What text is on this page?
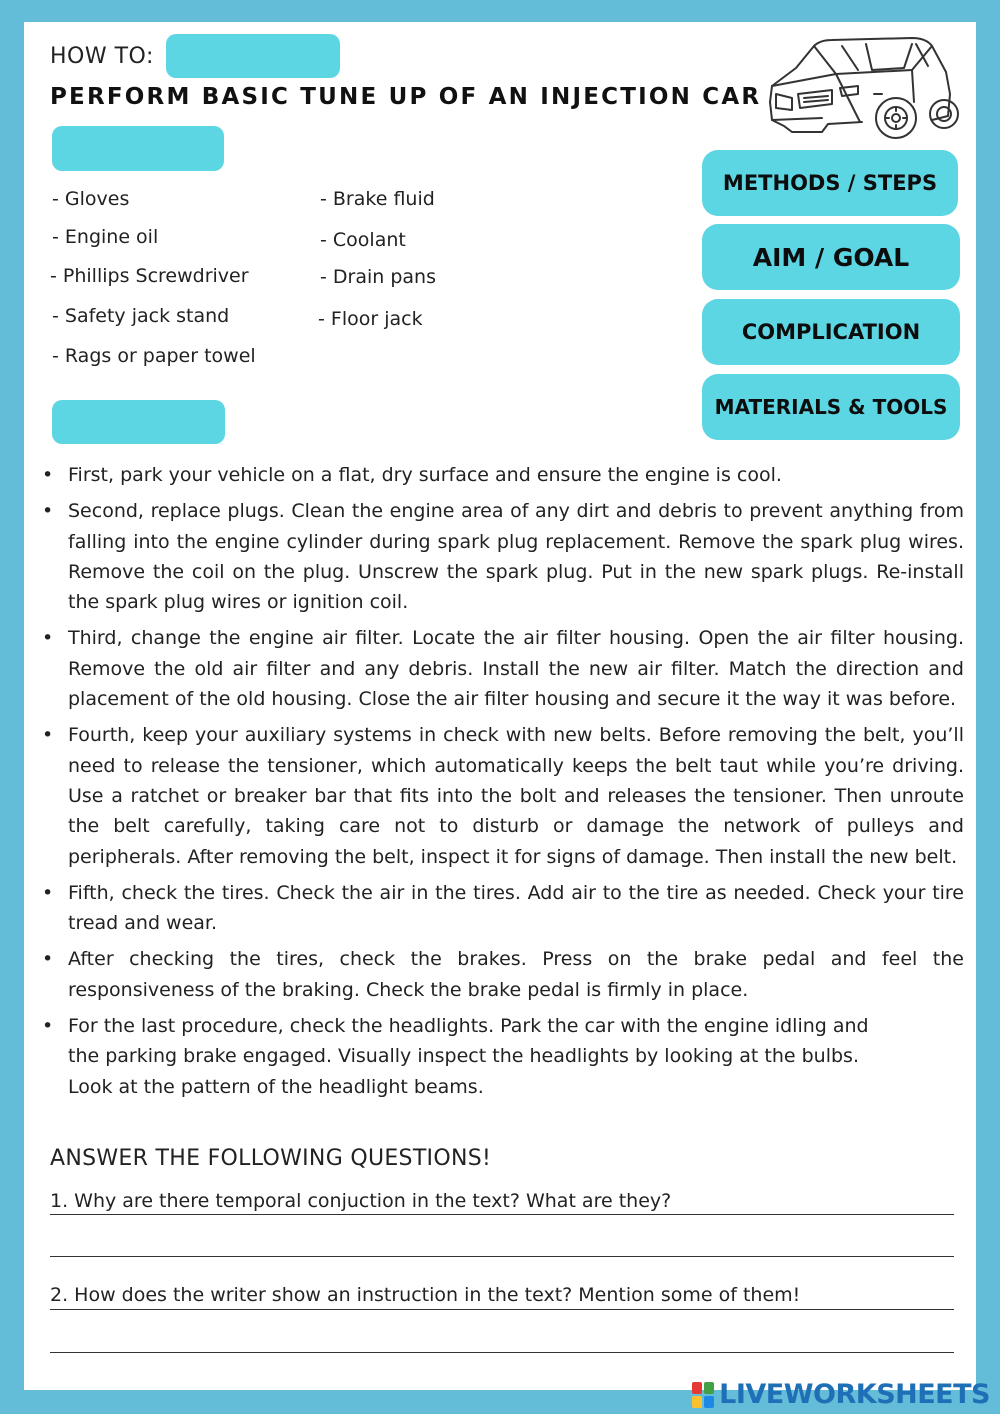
HOW TO:
PERFORM BASIC TUNE UP OF AN INJECTION CAR
- Gloves
- Engine oil
- Phillips Screwdriver
- Safety jack stand
- Rags or paper towel
- Brake fluid
- Coolant
- Drain pans
- Floor jack
METHODS / STEPS
AIM / GOAL
COMPLICATION
MATERIALS & TOOLS
• First, park your vehicle on a flat, dry surface and ensure the engine is cool.
• Second, replace plugs. Clean the engine area of any dirt and debris to prevent anything from falling into the engine cylinder during spark plug replacement. Remove the spark plug wires. Remove the coil on the plug. Unscrew the spark plug. Put in the new spark plugs. Re-install the spark plug wires or ignition coil.
• Third, change the engine air filter. Locate the air filter housing. Open the air filter housing. Remove the old air filter and any debris. Install the new air filter. Match the direction and placement of the old housing. Close the air filter housing and secure it the way it was before.
• Fourth, keep your auxiliary systems in check with new belts. Before removing the belt, you’ll need to release the tensioner, which automatically keeps the belt taut while you’re driving. Use a ratchet or breaker bar that fits into the bolt and releases the tensioner. Then unroute the belt carefully, taking care not to disturb or damage the network of pulleys and peripherals. After removing the belt, inspect it for signs of damage. Then install the new belt.
• Fifth, check the tires. Check the air in the tires. Add air to the tire as needed. Check your tire tread and wear.
• After checking the tires, check the brakes. Press on the brake pedal and feel the responsiveness of the braking. Check the brake pedal is firmly in place.
• For the last procedure, check the headlights. Park the car with the engine idling and the parking brake engaged. Visually inspect the headlights by looking at the bulbs. Look at the pattern of the headlight beams.
ANSWER THE FOLLOWING QUESTIONS!
1. Why are there temporal conjuction in the text? What are they?
2. How does the writer show an instruction in the text? Mention some of them!
LIVEWORKSHEETS
